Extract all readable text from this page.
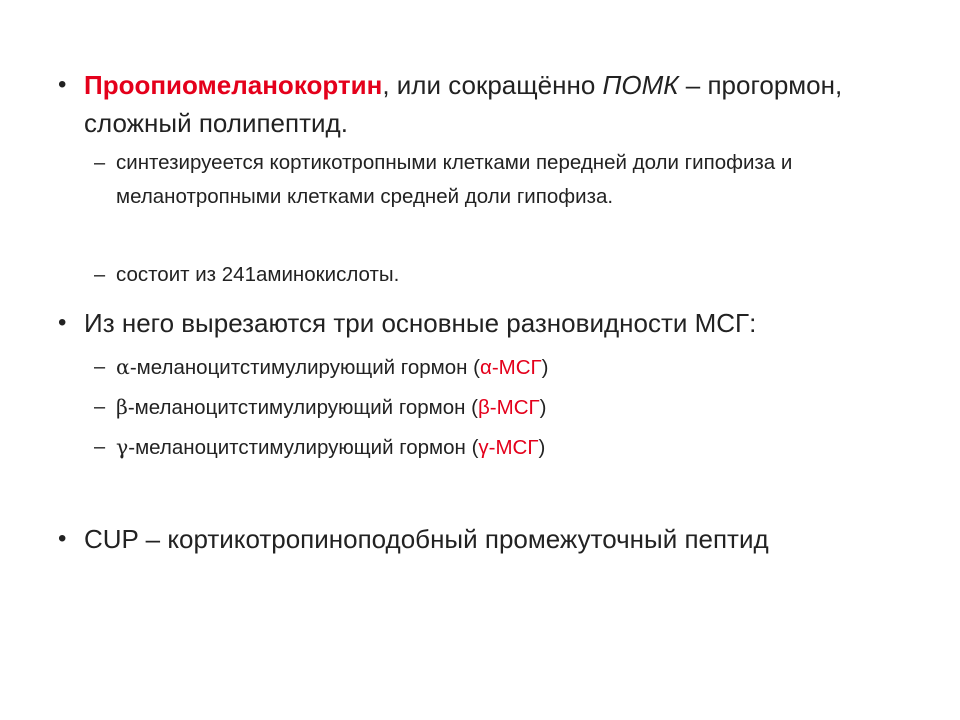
• Проопиомеланокортин, или сокращённо ПОМК – прогормон, сложный полипептид.

– синтезируеется кортикотропными клетками передней доли гипофиза и меланотропными клетками средней доли гипофиза.

– состоит из 241аминокислоты.

• Из него вырезаются три основные разновидности МСГ:

– α-меланоцитстимулирующий гормон (α-МСГ)

– β-меланоцитстимулирующий гормон (β-МСГ)

– γ-меланоцитстимулирующий гормон (γ-МСГ)

• CUP – кортикотропиноподобный промежуточный пептид
